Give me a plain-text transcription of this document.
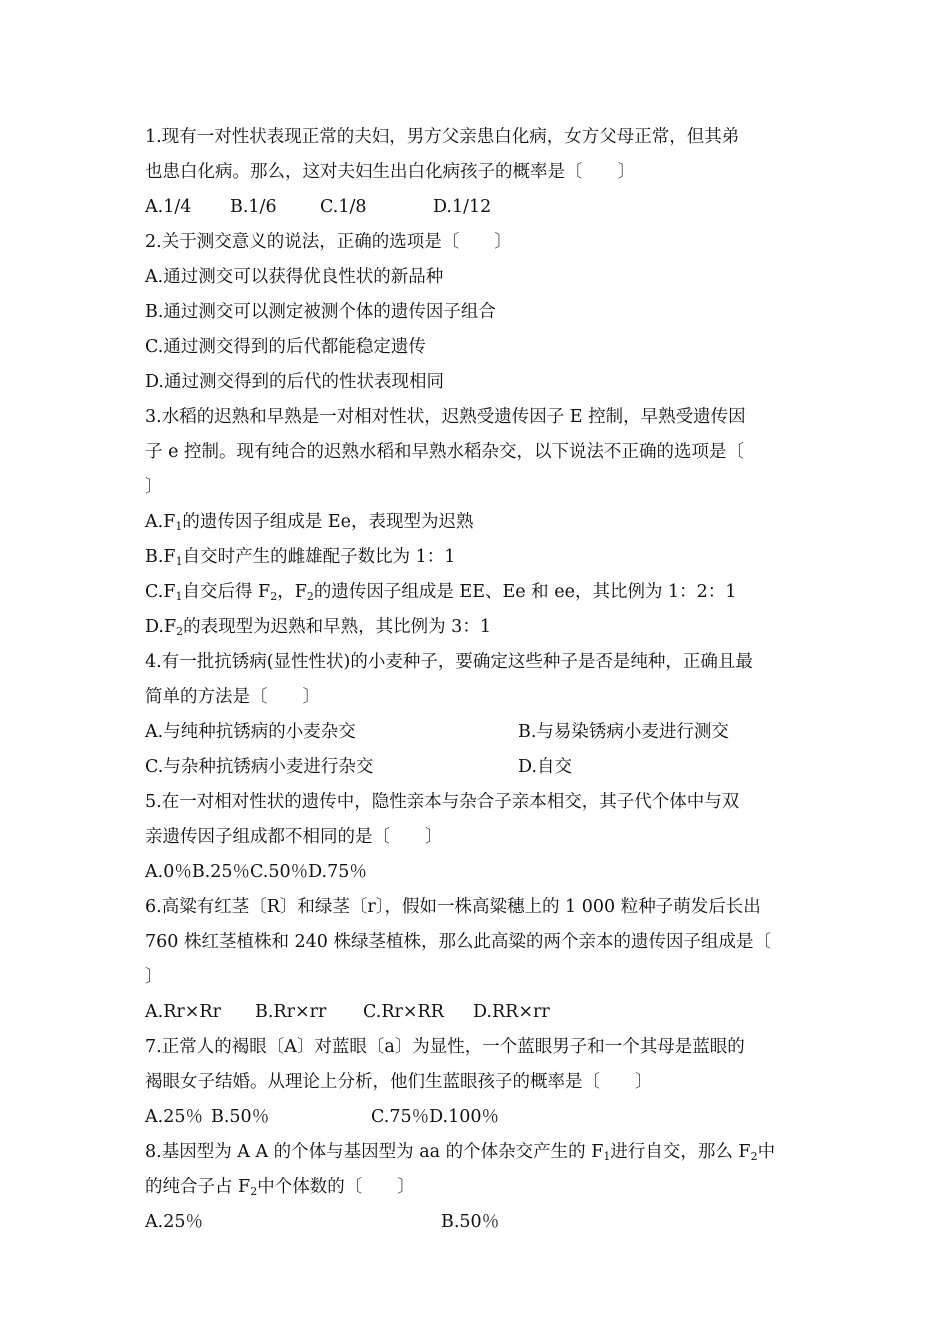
1.现有一对性状表现正常的夫妇，男方父亲患白化病，女方父母正常，但其弟
也患白化病。那么，这对夫妇生出白化病孩子的概率是〔　　〕
A.1/4 B.1/6 C.1/8	D.1/12
2.关于测交意义的说法，正确的选项是〔　　〕
A.通过测交可以获得优良性状的新品种
B.通过测交可以测定被测个体的遗传因子组合
C.通过测交得到的后代都能稳定遗传
D.通过测交得到的后代的性状表现相同
3.水稻的迟熟和早熟是一对相对性状，迟熟受遗传因子 E 控制，早熟受遗传因
子 e 控制。现有纯合的迟熟水稻和早熟水稻杂交，以下说法不正确的选项是〔
〕
$A.F_1$的遗传因子组成是 Ee，表现型为迟熟
$B.F_1$自交时产生的雌雄配子数比为 1：1
$C.F_1$自交后得 $F_2$，$F_2$的遗传因子组成是 EE、Ee 和 ee，其比例为 1：2：1
$D.F_2$的表现型为迟熟和早熟，其比例为 3：1
4.有一批抗锈病(显性性状)的小麦种子，要确定这些种子是否是纯种，正确且最
简单的方法是〔　　〕
A.与纯种抗锈病的小麦杂交	B.与易染锈病小麦进行测交
C.与杂种抗锈病小麦进行杂交	D.自交
5.在一对相对性状的遗传中，隐性亲本与杂合子亲本相交，其子代个体中与双
亲遗传因子组成都不相同的是〔　　〕
A.0％B.25％C.50％D.75％
6.高粱有红茎〔R〕和绿茎〔r〕，假如一株高粱穗上的 1 000 粒种子萌发后长出
760 株红茎植株和 240 株绿茎植株，那么此高粱的两个亲本的遗传因子组成是〔
〕
A.Rr×Rr B.Rr×rr C.Rr×RR D.RR×rr
7.正常人的褐眼〔A〕对蓝眼〔a〕为显性，一个蓝眼男子和一个其母是蓝眼的
褐眼女子结婚。从理论上分析，他们生蓝眼孩子的概率是〔　　〕
A.25％ B.50％	C.75％D.100％
8.基因型为 A A 的个体与基因型为 aa 的个体杂交产生的 $F_1$进行自交，那么 $F_2$中
的纯合子占 $F_2$中个体数的〔　　〕
A.25％	B.50％
